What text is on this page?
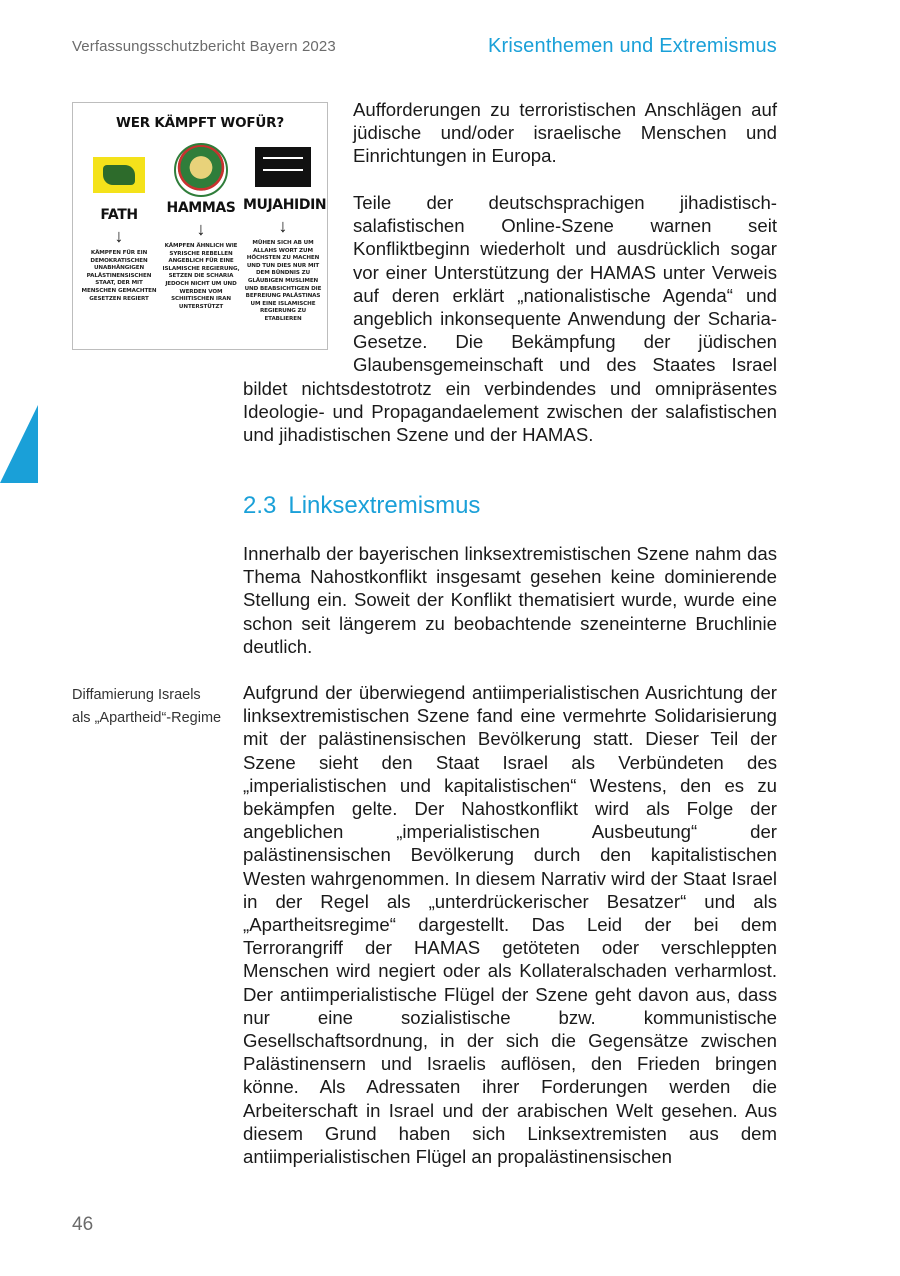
Verfassungsschutzbericht Bayern 2023	Krisenthemen und Extremismus
WER KÄMPFT WOFÜR?
FATH
↓
KÄMPFEN FÜR EIN DEMOKRATISCHEN UNABHÄNGIGEN PALÄSTINENSISCHEN STAAT, DER MIT MENSCHEN GEMACHTEN GESETZEN REGIERT
HAMMAS
↓
KÄMPFEN ÄHNLICH WIE SYRISCHE REBELLEN ANGEBLICH FÜR EINE ISLAMISCHE REGIERUNG, SETZEN DIE SCHARIA JEDOCH NICHT UM UND WERDEN VOM SCHIITISCHEN IRAN UNTERSTÜTZT
MUJAHIDIN
↓
MÜHEN SICH AB UM ALLAHS WORT ZUM HÖCHSTEN ZU MACHEN UND TUN DIES NUR MIT DEM BÜNDNIS ZU GLÄUBIGEN MUSLIMEN UND BEABSICHTIGEN DIE BEFREIUNG PALÄSTINAS UM EINE ISLAMISCHE REGIERUNG ZU ETABLIEREN

Aufforderungen zu terroristischen Anschlägen auf jüdische und/oder israelische Menschen und Einrichtungen in Europa.

Teile der deutschsprachigen jihadistisch-salafistischen Online-Szene warnen seit Konfliktbeginn wiederholt und ausdrücklich sogar vor einer Unterstützung der HAMAS unter Verweis auf deren erklärt „nationalistische Agenda“ und angeblich inkonsequente Anwendung der Scharia-Gesetze. Die Bekämpfung der jüdischen Glaubensgemeinschaft und des Staates Israel bildet nichtsdestotrotz ein verbindendes und omnipräsentes Ideologie- und Propagandaelement zwischen der salafistischen und jihadistischen Szene und der HAMAS.
2.3 Linksextremismus

Innerhalb der bayerischen linksextremistischen Szene nahm das Thema Nahostkonflikt insgesamt gesehen keine dominierende Stellung ein. Soweit der Konflikt thematisiert wurde, wurde eine schon seit längerem zu beobachtende szeneinterne Bruchlinie deutlich.

Diffamierung Israels als „Apartheid“-Regime

Aufgrund der überwiegend antiimperialistischen Ausrichtung der linksextremistischen Szene fand eine vermehrte Solidarisierung mit der palästinensischen Bevölkerung statt. Dieser Teil der Szene sieht den Staat Israel als Verbündeten des „imperialistischen und kapitalistischen“ Westens, den es zu bekämpfen gelte. Der Nahostkonflikt wird als Folge der angeblichen „imperialistischen Ausbeutung“ der palästinensischen Bevölkerung durch den kapitalistischen Westen wahrgenommen. In diesem Narrativ wird der Staat Israel in der Regel als „unterdrückerischer Besatzer“ und als „Apartheitsregime“ dargestellt. Das Leid der bei dem Terrorangriff der HAMAS getöteten oder verschleppten Menschen wird negiert oder als Kollateralschaden verharmlost. Der antiimperialistische Flügel der Szene geht davon aus, dass nur eine sozialistische bzw. kommunistische Gesellschaftsordnung, in der sich die Gegensätze zwischen Palästinensern und Israelis auflösen, den Frieden bringen könne. Als Adressaten ihrer Forderungen werden die Arbeiterschaft in Israel und der arabischen Welt gesehen. Aus diesem Grund haben sich Linksextremisten aus dem antiimperialistischen Flügel an propalästinensischen

46
